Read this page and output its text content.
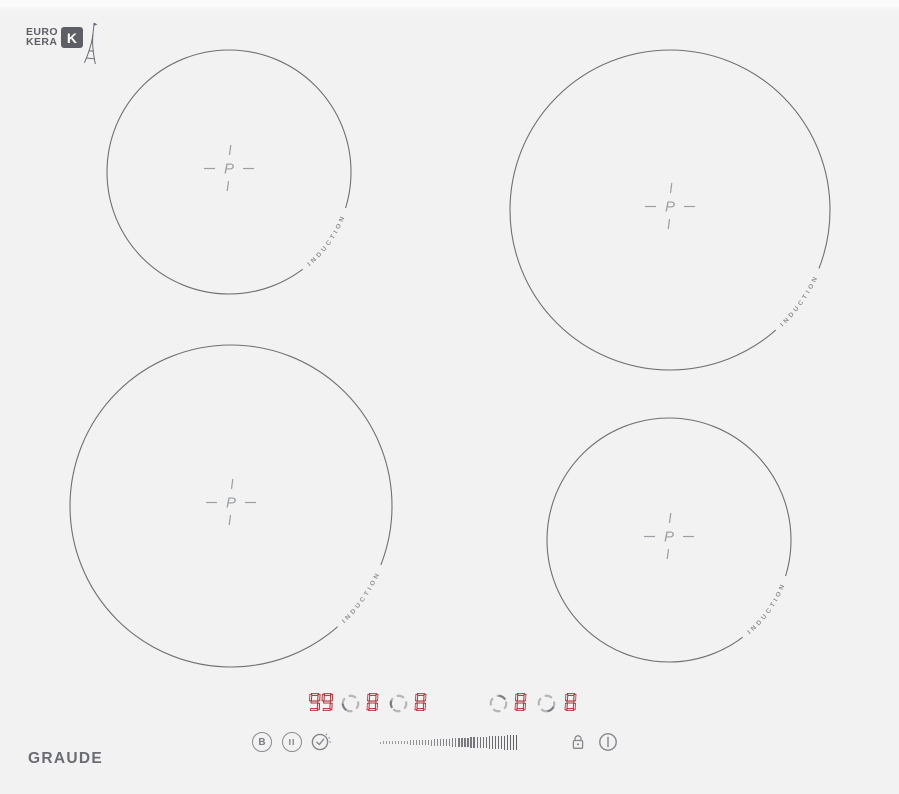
EURO
KERA K
INDUCTION
P
INDUCTION
P
INDUCTION
P
INDUCTION
P
B	II
GRAUDE
